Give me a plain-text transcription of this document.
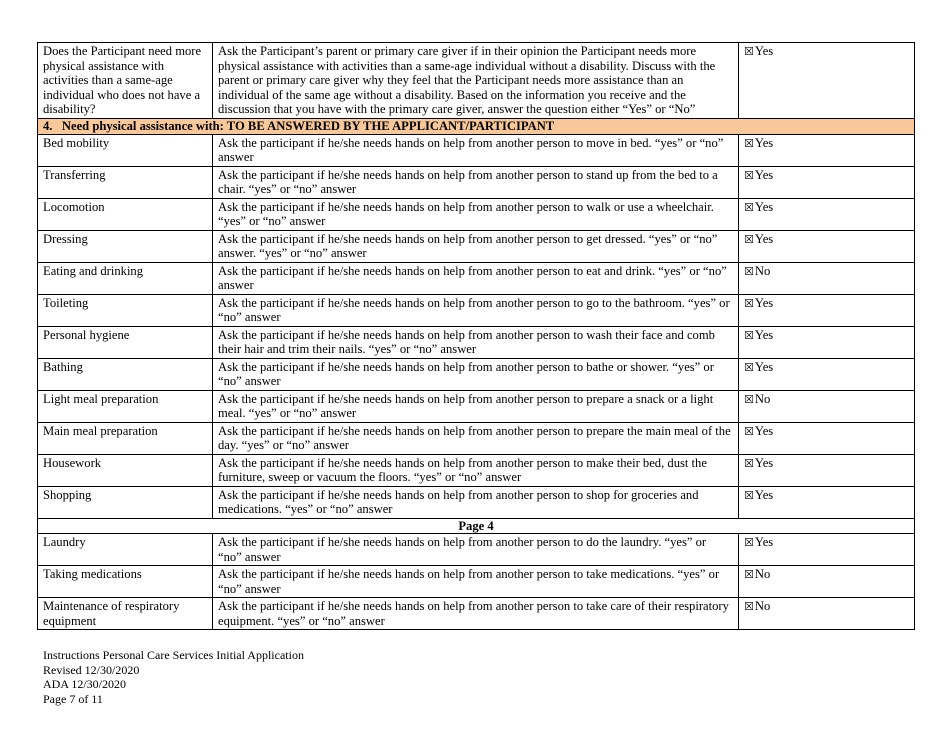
Does the Participant need more physical assistance with activities than a same-age individual who does not have a disability?	Ask the Participant’s parent or primary care giver if in their opinion the Participant needs more physical assistance with activities than a same-age individual without a disability. Discuss with the parent or primary care giver why they feel that the Participant needs more assistance than an individual of the same age without a disability. Based on the information you receive and the discussion that you have with the primary care giver, answer the question either “Yes” or “No”	☒Yes
4. Need physical assistance with: TO BE ANSWERED BY THE APPLICANT/PARTICIPANT		
Bed mobility	Ask the participant if he/she needs hands on help from another person to move in bed. “yes” or “no” answer	☒Yes
Transferring	Ask the participant if he/she needs hands on help from another person to stand up from the bed to a chair. “yes” or “no” answer	☒Yes
Locomotion	Ask the participant if he/she needs hands on help from another person to walk or use a wheelchair. “yes” or “no” answer	☒Yes
Dressing	Ask the participant if he/she needs hands on help from another person to get dressed. “yes” or “no” answer. “yes” or “no” answer	☒Yes
Eating and drinking	Ask the participant if he/she needs hands on help from another person to eat and drink. “yes” or “no” answer	☒No
Toileting	Ask the participant if he/she needs hands on help from another person to go to the bathroom. “yes” or “no” answer	☒Yes
Personal hygiene	Ask the participant if he/she needs hands on help from another person to wash their face and comb their hair and trim their nails. “yes” or “no” answer	☒Yes
Bathing	Ask the participant if he/she needs hands on help from another person to bathe or shower. “yes” or “no” answer	☒Yes
Light meal preparation	Ask the participant if he/she needs hands on help from another person to prepare a snack or a light meal. “yes” or “no” answer	☒No
Main meal preparation	Ask the participant if he/she needs hands on help from another person to prepare the main meal of the day. “yes” or “no” answer	☒Yes
Housework	Ask the participant if he/she needs hands on help from another person to make their bed, dust the furniture, sweep or vacuum the floors. “yes” or “no” answer	☒Yes
Shopping	Ask the participant if he/she needs hands on help from another person to shop for groceries and medications. “yes” or “no” answer	☒Yes
Page 4		
Laundry	Ask the participant if he/she needs hands on help from another person to do the laundry. “yes” or “no” answer	☒Yes
Taking medications	Ask the participant if he/she needs hands on help from another person to take medications. “yes” or “no” answer	☒No
Maintenance of respiratory equipment	Ask the participant if he/she needs hands on help from another person to take care of their respiratory equipment. “yes” or “no” answer	☒No
Instructions Personal Care Services Initial Application
Revised 12/30/2020
ADA 12/30/2020
Page 7 of 11
